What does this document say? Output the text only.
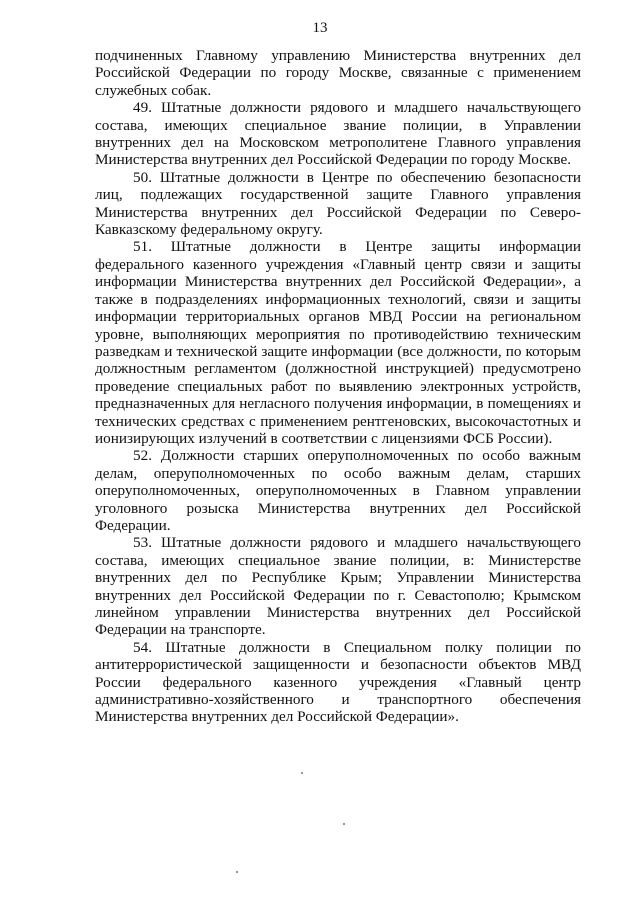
13

подчиненных Главному управлению Министерства внутренних дел Российской Федерации по городу Москве, связанные с применением служебных собак.

49. Штатные должности рядового и младшего начальствующего состава, имеющих специальное звание полиции, в Управлении внутренних дел на Московском метрополитене Главного управления Министерства внутренних дел Российской Федерации по городу Москве.

50. Штатные должности в Центре по обеспечению безопасности лиц, подлежащих государственной защите Главного управления Министерства внутренних дел Российской Федерации по Северо-Кавказскому федеральному округу.

51. Штатные должности в Центре защиты информации федерального казенного учреждения «Главный центр связи и защиты информации Министерства внутренних дел Российской Федерации», а также в подразделениях информационных технологий, связи и защиты информации территориальных органов МВД России на региональном уровне, выполняющих мероприятия по противодействию техническим разведкам и технической защите информации (все должности, по которым должностным регламентом (должностной инструкцией) предусмотрено проведение специальных работ по выявлению электронных устройств, предназначенных для негласного получения информации, в помещениях и технических средствах с применением рентгеновских, высокочастотных и ионизирующих излучений в соответствии с лицензиями ФСБ России).

52. Должности старших оперуполномоченных по особо важным делам, оперуполномоченных по особо важным делам, старших оперуполномоченных, оперуполномоченных в Главном управлении уголовного розыска Министерства внутренних дел Российской Федерации.

53. Штатные должности рядового и младшего начальствующего состава, имеющих специальное звание полиции, в: Министерстве внутренних дел по Республике Крым; Управлении Министерства внутренних дел Российской Федерации по г. Севастополю; Крымском линейном управлении Министерства внутренних дел Российской Федерации на транспорте.

54. Штатные должности в Специальном полку полиции по антитеррористической защищенности и безопасности объектов МВД России федерального казенного учреждения «Главный центр административно-хозяйственного и транспортного обеспечения Министерства внутренних дел Российской Федерации».
